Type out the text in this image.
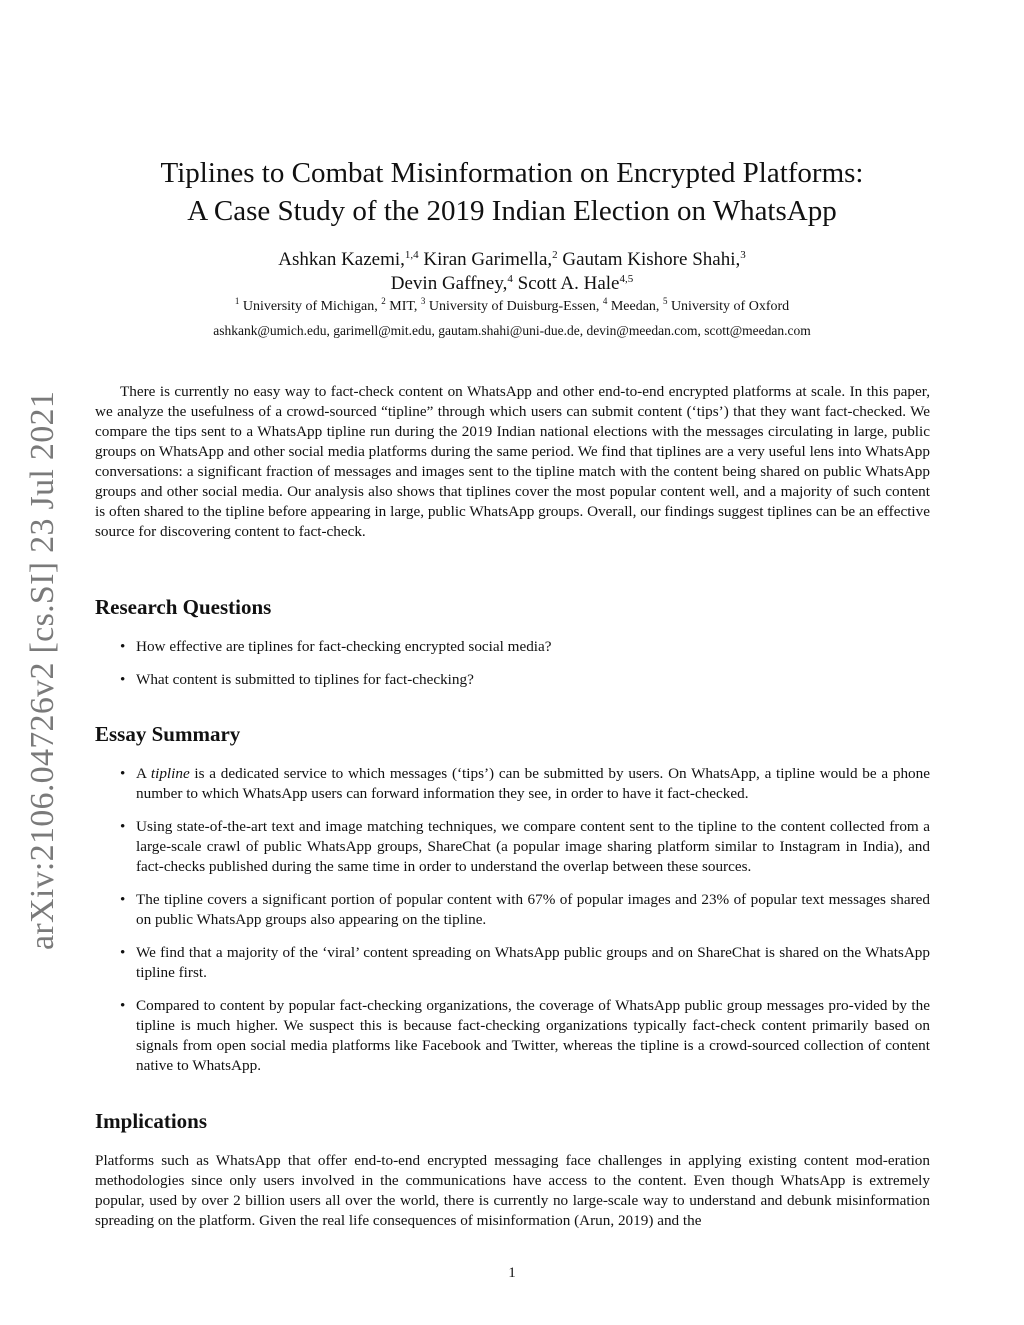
arXiv:2106.04726v2 [cs.SI] 23 Jul 2021
Tiplines to Combat Misinformation on Encrypted Platforms:
A Case Study of the 2019 Indian Election on WhatsApp
Ashkan Kazemi,$^{1,4}$ Kiran Garimella,$^2$ Gautam Kishore Shahi,$^3$
Devin Gaffney,$^4$ Scott A. Hale$^{4,5}$
$^1$ University of Michigan, $^2$ MIT, $^3$ University of Duisburg-Essen, $^4$ Meedan, $^5$ University of Oxford
ashkank@umich.edu, garimell@mit.edu, gautam.shahi@uni-due.de, devin@meedan.com, scott@meedan.com

There is currently no easy way to fact-check content on WhatsApp and other end-to-end encrypted platforms at scale. In this paper, we analyze the usefulness of a crowd-sourced “tipline” through which users can submit content (‘tips’) that they want fact-checked. We compare the tips sent to a WhatsApp tipline run during the 2019 Indian national elections with the messages circulating in large, public groups on WhatsApp and other social media platforms during the same period. We find that tiplines are a very useful lens into WhatsApp conversations: a significant fraction of messages and images sent to the tipline match with the content being shared on public WhatsApp groups and other social media. Our analysis also shows that tiplines cover the most popular content well, and a majority of such content is often shared to the tipline before appearing in large, public WhatsApp groups. Overall, our findings suggest tiplines can be an effective source for discovering content to fact-check.

Research Questions
• How effective are tiplines for fact-checking encrypted social media?
• What content is submitted to tiplines for fact-checking?
Essay Summary
• A tipline is a dedicated service to which messages (‘tips’) can be submitted by users. On WhatsApp, a tipline would be a phone number to which WhatsApp users can forward information they see, in order to have it fact-checked.
• Using state-of-the-art text and image matching techniques, we compare content sent to the tipline to the content collected from a large-scale crawl of public WhatsApp groups, ShareChat (a popular image sharing platform similar to Instagram in India), and fact-checks published during the same time in order to understand the overlap between these sources.
• The tipline covers a significant portion of popular content with 67% of popular images and 23% of popular text messages shared on public WhatsApp groups also appearing on the tipline.
• We find that a majority of the ‘viral’ content spreading on WhatsApp public groups and on ShareChat is shared on the WhatsApp tipline first.
• Compared to content by popular fact-checking organizations, the coverage of WhatsApp public group messages pro-vided by the tipline is much higher. We suspect this is because fact-checking organizations typically fact-check content primarily based on signals from open social media platforms like Facebook and Twitter, whereas the tipline is a crowd-sourced collection of content native to WhatsApp.
Implications

Platforms such as WhatsApp that offer end-to-end encrypted messaging face challenges in applying existing content mod-eration methodologies since only users involved in the communications have access to the content. Even though WhatsApp is extremely popular, used by over 2 billion users all over the world, there is currently no large-scale way to understand and debunk misinformation spreading on the platform. Given the real life consequences of misinformation (Arun, 2019) and the

1
